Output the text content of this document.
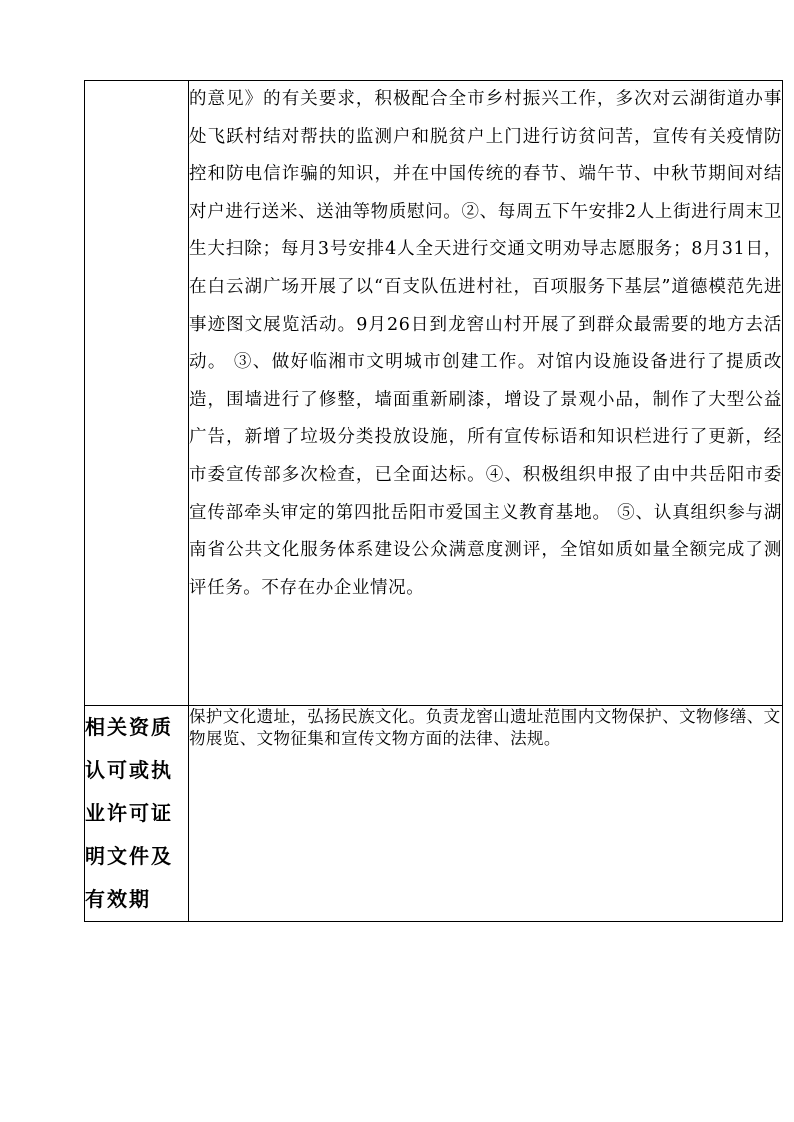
	的意见》的有关要求，积极配合全市乡村振兴工作，多次对云湖街道办事处飞跃村结对帮扶的监测户和脱贫户上门进行访贫问苦，宣传有关疫情防控和防电信诈骗的知识，并在中国传统的春节、端午节、中秋节期间对结对户进行送米、送油等物质慰问。②、每周五下午安排2人上街进行周末卫生大扫除；每月3号安排4人全天进行交通文明劝导志愿服务；8月31日，在白云湖广场开展了以“百支队伍进村社，百项服务下基层”道德模范先进事迹图文展览活动。9月26日到龙窖山村开展了到群众最需要的地方去活动。 ③、做好临湘市文明城市创建工作。对馆内设施设备进行了提质改造，围墙进行了修整，墙面重新刷漆，增设了景观小品，制作了大型公益广告，新增了垃圾分类投放设施，所有宣传标语和知识栏进行了更新，经市委宣传部多次检查，已全面达标。④、积极组织申报了由中共岳阳市委宣传部牵头审定的第四批岳阳市爱国主义教育基地。 ⑤、认真组织参与湖南省公共文化服务体系建设公众满意度测评，全馆如质如量全额完成了测评任务。不存在办企业情况。
相关资质认可或执业许可证明文件及有效期	保护文化遗址，弘扬民族文化。负责龙窖山遗址范围内文物保护、文物修缮、文物展览、文物征集和宣传文物方面的法律、法规。
